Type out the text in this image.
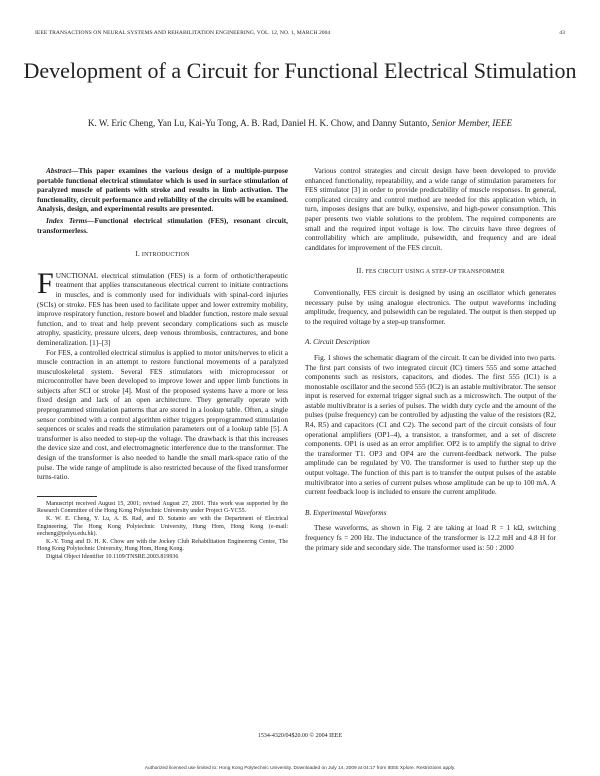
IEEE TRANSACTIONS ON NEURAL SYSTEMS AND REHABILITATION ENGINEERING, VOL. 12, NO. 1, MARCH 2004	43
Development of a Circuit for Functional Electrical Stimulation
K. W. Eric Cheng, Yan Lu, Kai-Yu Tong, A. B. Rad, Daniel H. K. Chow, and Danny Sutanto, Senior Member, IEEE

Abstract—This paper examines the various design of a multiple-purpose portable functional electrical stimulator which is used in surface stimulation of paralyzed muscle of patients with stroke and results in limb activation. The functionality, circuit performance and reliability of the circuits will be examined. Analysis, design, and experimental results are presented.

Index Terms—Functional electrical stimulation (FES), resonant circuit, transformerless.

I. INTRODUCTION

FUNCTIONAL electrical stimulation (FES) is a form of orthotic/therapeutic treatment that applies transcutaneous electrical current to initiate contractions in muscles, and is commonly used for individuals with spinal-cord injuries (SCIs) or stroke. FES has been used to facilitate upper and lower extremity mobility, improve respiratory function, restore bowel and bladder function, restore male sexual function, and to treat and help prevent secondary complications such as muscle atrophy, spasticity, pressure ulcers, deep venous thrombosis, contractures, and bone demineralization. [1]–[3]

For FES, a controlled electrical stimulus is applied to motor units/nerves to elicit a muscle contraction in an attempt to restore functional movements of a paralyzed musculoskeletal system. Several FES stimulators with microprocessor or microcontroller have been developed to improve lower and upper limb functions in subjects after SCI or stroke [4]. Most of the proposed systems have a more or less fixed design and lack of an open architecture. They generally operate with preprogrammed stimulation patterns that are stored in a lookup table. Often, a single sensor combined with a control algorithm either triggers preprogrammed stimulation sequences or scales and reads the stimulation parameters out of a lookup table [5]. A transformer is also needed to step-up the voltage. The drawback is that this increases the device size and cost, and electromagnetic interference due to the transformer. The design of the transformer is also needed to handle the small mark-space ratio of the pulse. The wide range of amplitude is also restricted because of the fixed transformer turns-ratio.

Manuscript received August 15, 2001; revised August 27, 2001. This work was supported by the Research Committee of the Hong Kong Polytechnic University under Project G-YC55.

K. W. E. Cheng, Y. Lu, A. B. Rad, and D. Sutanto are with the Department of Electrical Engineering, The Hong Kong Polytechnic University, Hung Hom, Hong Kong (e-mail: eecheng@polyu.edu.hk).

K.-Y. Tong and D. H. K. Chow are with the Jockey Club Rehabilitation Engineering Centre, The Hong Kong Polytechnic University, Hung Hom, Hong Kong.

Digital Object Identifier 10.1109/TNSRE.2003.819936

Various control strategies and circuit design have been developed to provide enhanced functionality, repeatability, and a wide range of stimulation parameters for FES stimulator [3] in order to provide predictability of muscle responses. In general, complicated circuitry and control method are needed for this application which, in turn, imposes designs that are bulky, expensive, and high-power consumption. This paper presents two viable solutions to the problem. The required components are small and the required input voltage is low. The circuits have three degrees of controllability which are amplitude, pulsewidth, and frequency and are ideal candidates for improvement of the FES circuit.

II. FES CIRCUIT USING A STEP-UP TRANSFORMER

Conventionally, FES circuit is designed by using an oscillator which generates necessary pulse by using analogue electronics. The output waveforms including amplitude, frequency, and pulsewidth can be regulated. The output is then stepped up to the required voltage by a step-up transformer.

A. Circuit Description

Fig. 1 shows the schematic diagram of the circuit. It can be divided into two parts. The first part consists of two integrated circuit (IC) timers 555 and some attached components such as resistors, capacitors, and diodes. The first 555 (IC1) is a monostable oscillator and the second 555 (IC2) is an astable multivibrator. The sensor input is reserved for external trigger signal such as a microswitch. The output of the astable multivibrator is a series of pulses. The width duty cycle and the amount of the pulses (pulse frequency) can be controlled by adjusting the value of the resistors (R2, R4, R5) and capacitors (C1 and C2). The second part of the circuit consists of four operational amplifiers (OP1–4), a transistor, a transformer, and a set of discrete components. OP1 is used as an error amplifier. OP2 is to amplify the signal to drive the transformer T1. OP3 and OP4 are the current-feedback network. The pulse amplitude can be regulated by V0. The transformer is used to further step up the output voltage. The function of this part is to transfer the output pulses of the astable multivibrator into a series of current pulses whose amplitude can be up to 100 mA. A current feedback loop is included to ensure the current amplitude.

B. Experimental Waveforms

These waveforms, as shown in Fig. 2 are taking at load R = 1 kΩ, switching frequency fs = 200 Hz. The inductance of the transformer is 12.2 mH and 4.8 H for the primary side and secondary side. The transformer used is: 50 : 2000

1534-4320/04$20.00 © 2004 IEEE
Authorized licensed use limited to: Hong Kong Polytechnic University. Downloaded on July 14, 2009 at 04:17 from IEEE Xplore. Restrictions apply.
